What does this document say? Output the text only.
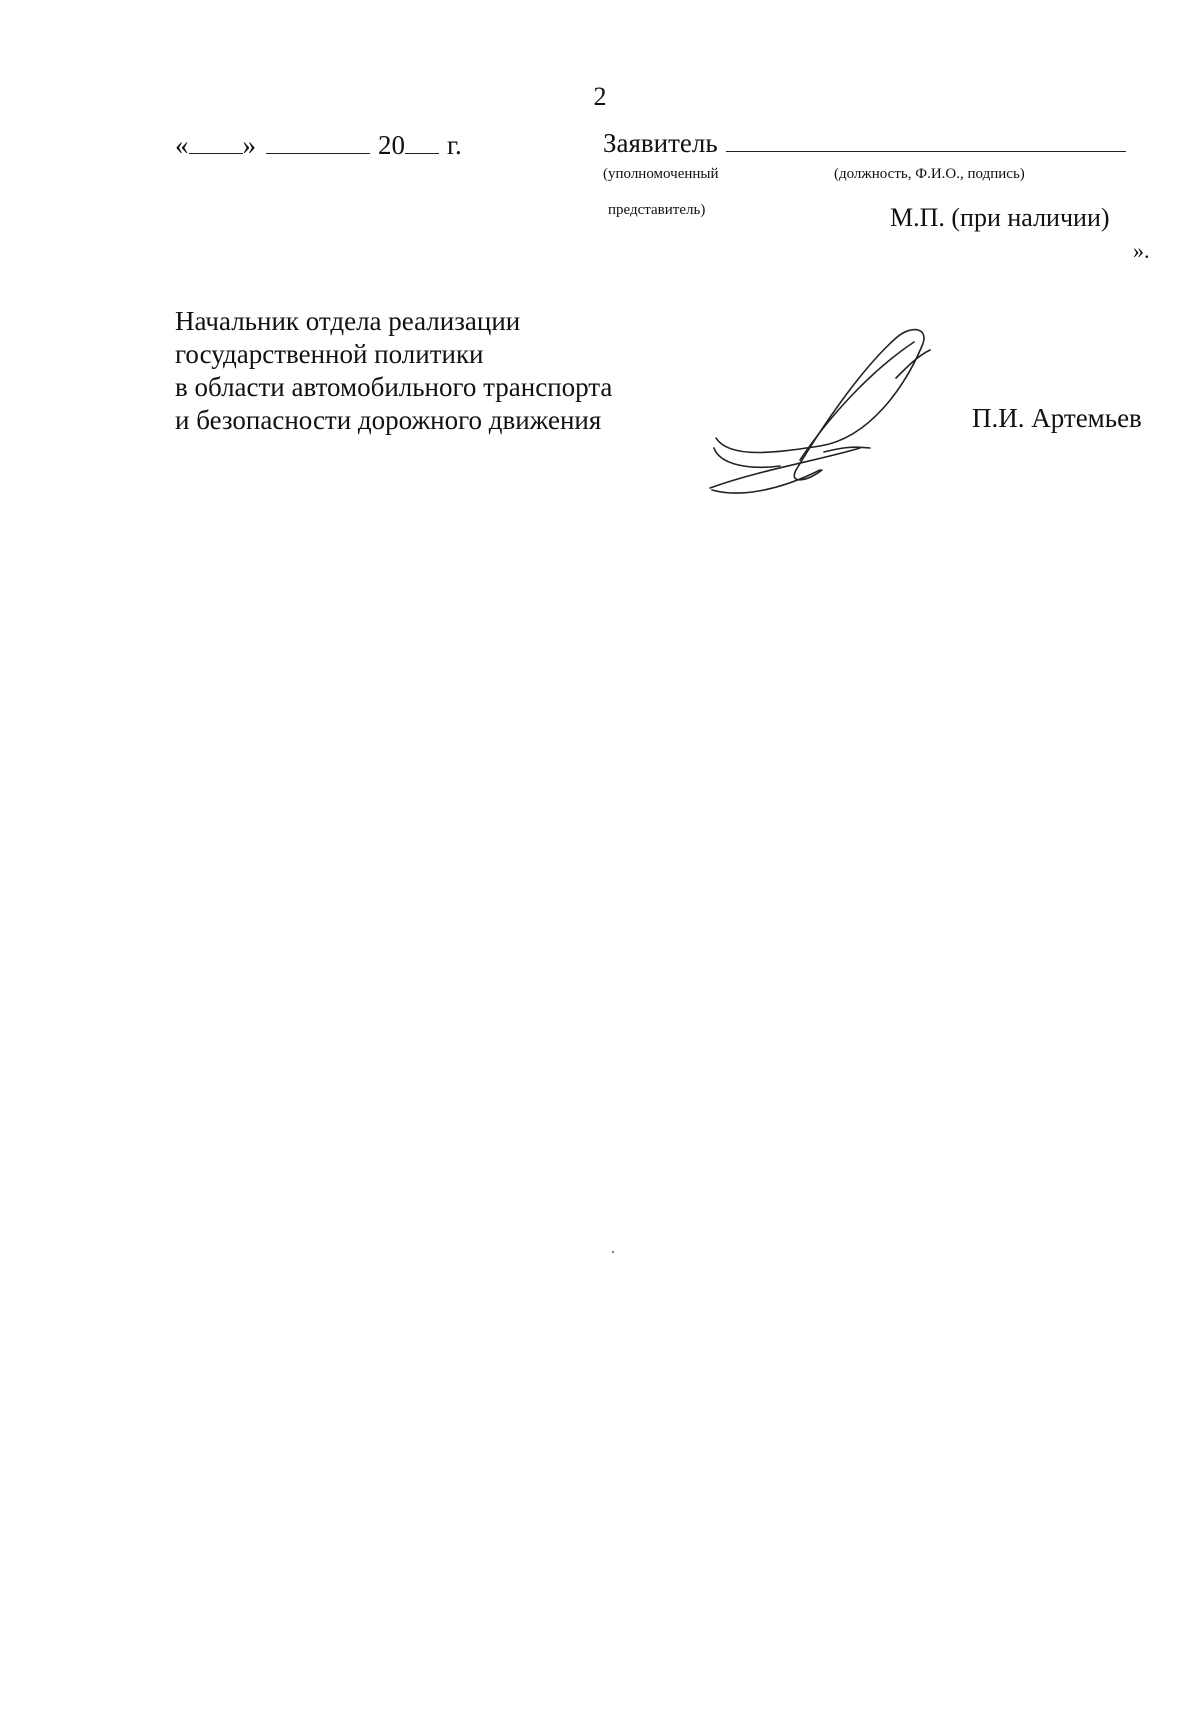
2
« »	20 г.	Заявитель
(уполномоченный
представитель)
(должность, Ф.И.О., подпись)
М.П. (при наличии)
».
Начальник отдела реализации
государственной политики
в области автомобильного транспорта
и безопасности дорожного движения	П.И. Артемьев
